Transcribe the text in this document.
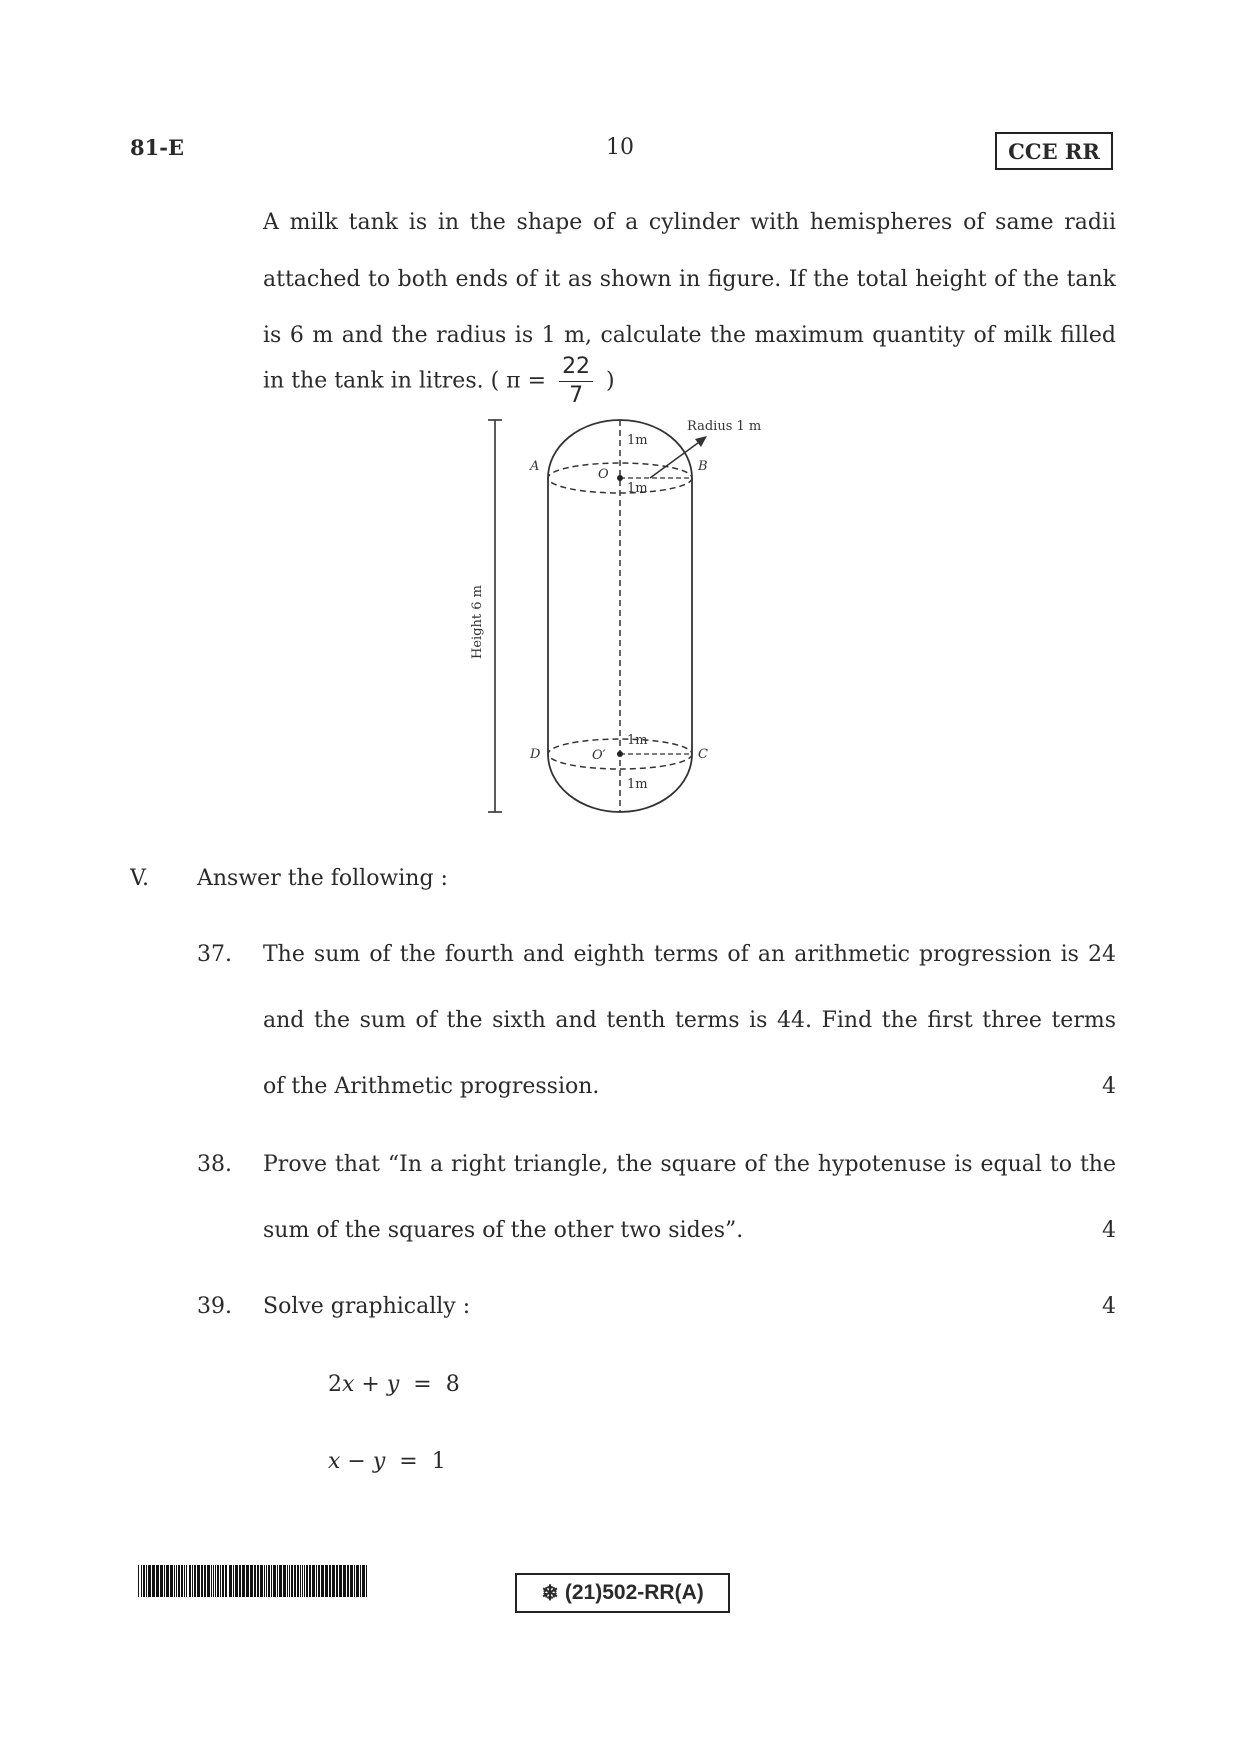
81-E	10	CCE RR
A milk tank is in the shape of a cylinder with hemispheres of same radii
attached to both ends of it as shown in figure. If the total height of the tank
is 6 m and the radius is 1 m, calculate the maximum quantity of milk filled
in the tank in litres. ( $\pi = \frac{22}{7}$ )
Height 6 m
Radius 1 m
1m
1m
1m
1m
A	B
D	C
O
O′
V. Answer the following :
37. The sum of the fourth and eighth terms of an arithmetic progression is 24
and the sum of the sixth and tenth terms is 44. Find the first three terms
of the Arithmetic progression.	4
38. Prove that “In a right triangle, the square of the hypotenuse is equal to the
sum of the squares of the other two sides”.	4
39. Solve graphically :	4
2x + y  =  8
x − y  =  1
❄ (21)502-RR(A)
